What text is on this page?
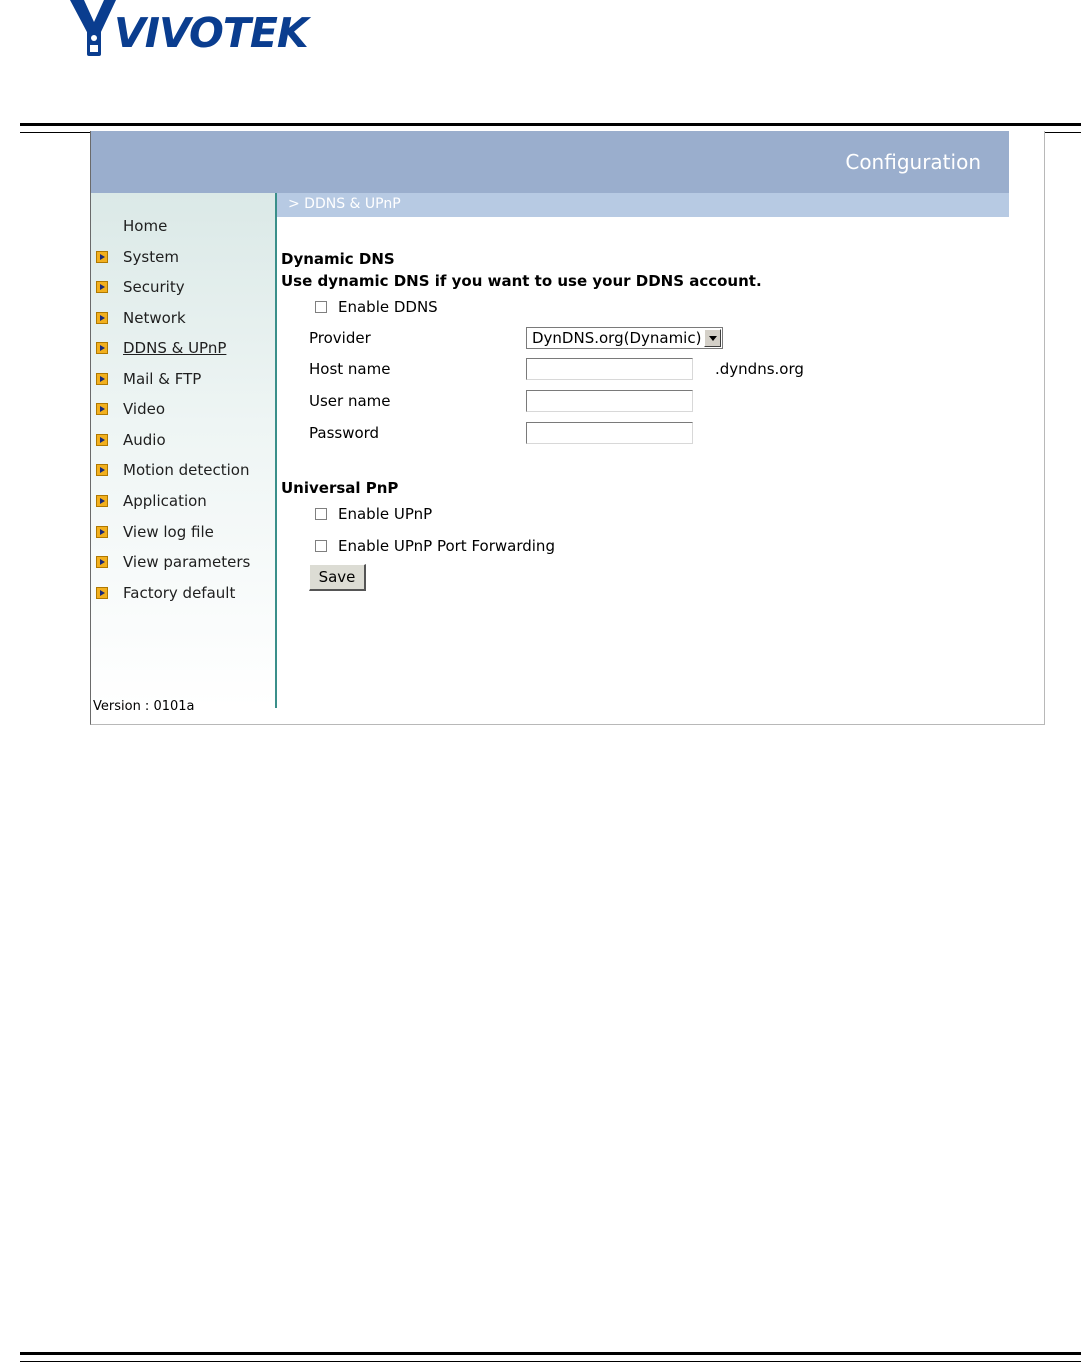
VIVOTEK
Configuration
Home
System
Security
Network
DDNS & UPnP
Mail & FTP
Video
Audio
Motion detection
Application
View log file
View parameters
Factory default
Version : 0101a
> DDNS & UPnP
Dynamic DNS
Use dynamic DNS if you want to use your DDNS account.
Enable DDNS
Provider	DynDNS.org(Dynamic)
Host name	.dyndns.org
User name
Password
Universal PnP
Enable UPnP
Enable UPnP Port Forwarding
Save
